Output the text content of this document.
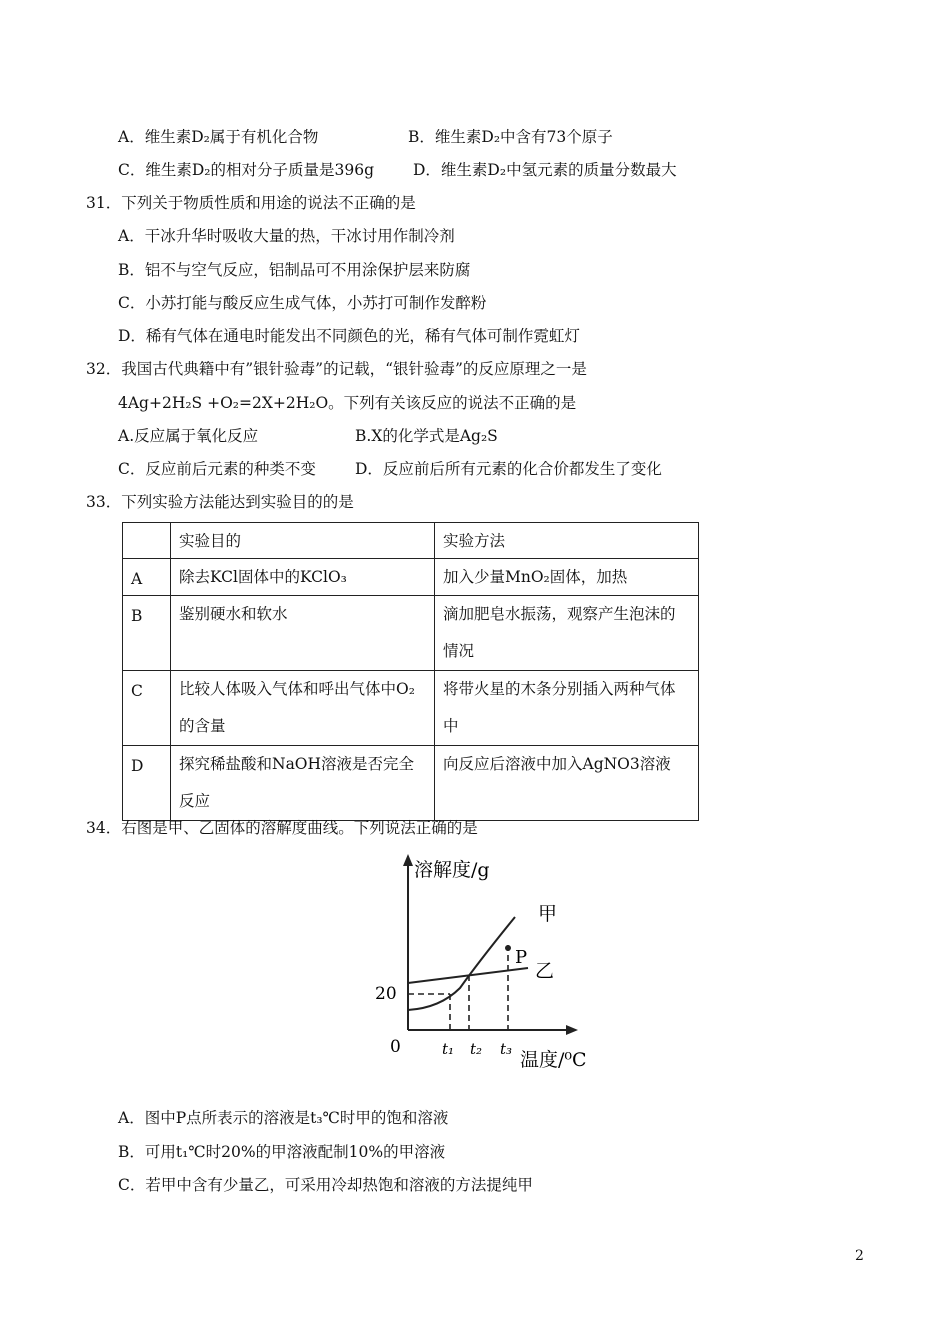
A．维生素D₂属于有机化合物	B．维生素D₂中含有73个原子
C．维生素D₂的相对分子质量是396g	D．维生素D₂中氢元素的质量分数最大
31．下列关于物质性质和用途的说法不正确的是
A．干冰升华时吸收大量的热，干冰讨用作制冷剂
B．铝不与空气反应，铝制品可不用涂保护层来防腐
C．小苏打能与酸反应生成气体，小苏打可制作发醉粉
D．稀有气体在通电时能发出不同颜色的光，稀有气体可制作霓虹灯
32．我国古代典籍中有”银针验毒”的记载，“银针验毒”的反应原理之一是
4Ag+2H₂S +O₂=2X+2H₂O。下列有关该反应的说法不正确的是
A.反应属于氧化反应	B.X的化学式是Ag₂S
C．反应前后元素的种类不变	D．反应前后所有元素的化合价都发生了变化
33．下列实验方法能达到实验目的的是

	实验目的	实验方法

A	除去KCl固体中的KClO₃	加入少量MnO₂固体，加热

B	鉴别硬水和软水	滴加肥皂水振荡，观察产生泡沫的情况

C	比较人体吸入气体和呼出气体中O₂的含量	将带火星的木条分别插入两种气体中

D	探究稀盐酸和NaOH溶液是否完全反应	向反应后溶液中加入AgNO3溶液
34．右图是甲、乙固体的溶解度曲线。下列说法正确的是
溶解度/g
0
20
t₁ t₂ t₃ 温度/⁰C
甲
乙
P
A．图中P点所表示的溶液是t₃℃时甲的饱和溶液
B．可用t₁℃时20%的甲溶液配制10%的甲溶液
C．若甲中含有少量乙，可采用冷却热饱和溶液的方法提纯甲
2
